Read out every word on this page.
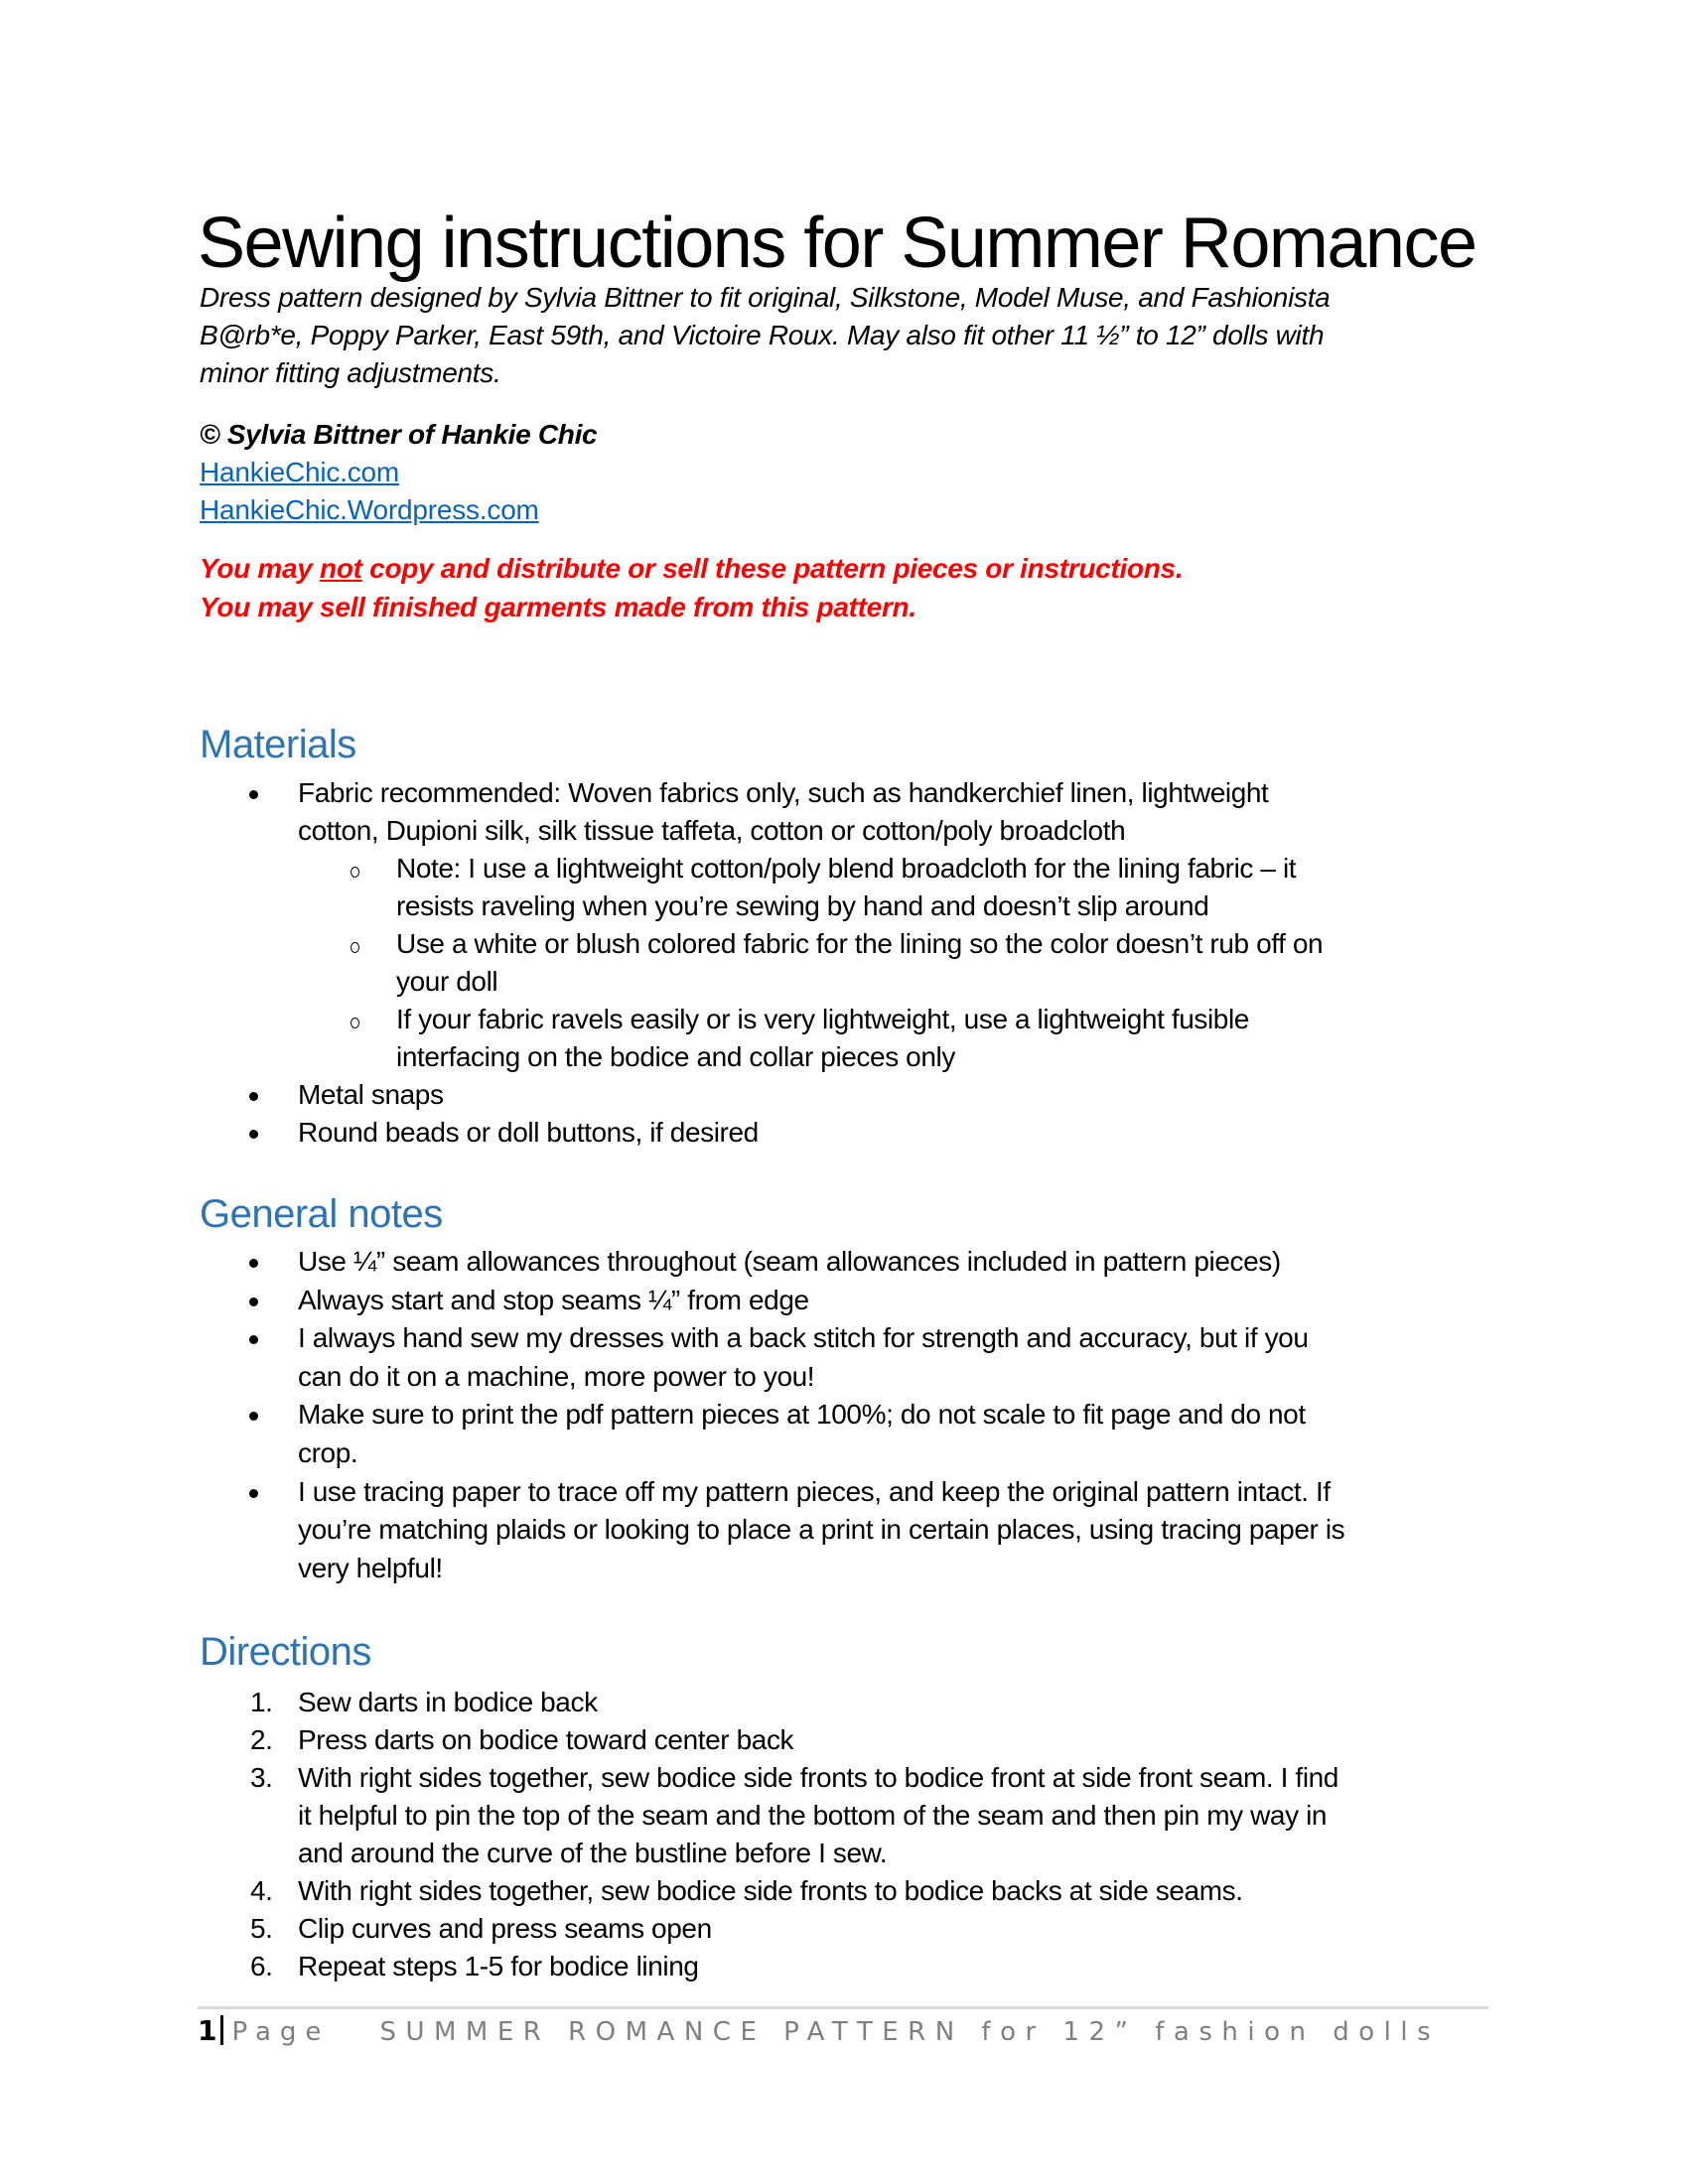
Sewing instructions for Summer Romance
Dress pattern designed by Sylvia Bittner to fit original, Silkstone, Model Muse, and Fashionista
B@rb*e, Poppy Parker, East 59th, and Victoire Roux. May also fit other 11 ½” to 12” dolls with
minor fitting adjustments.
© Sylvia Bittner of Hankie Chic
HankieChic.com
HankieChic.Wordpress.com
You may not copy and distribute or sell these pattern pieces or instructions.
You may sell finished garments made from this pattern.
Materials
Fabric recommended: Woven fabrics only, such as handkerchief linen, lightweight
cotton, Dupioni silk, silk tissue taffeta, cotton or cotton/poly broadcloth
Note: I use a lightweight cotton/poly blend broadcloth for the lining fabric – it
resists raveling when you’re sewing by hand and doesn’t slip around
Use a white or blush colored fabric for the lining so the color doesn’t rub off on
your doll
If your fabric ravels easily or is very lightweight, use a lightweight fusible
interfacing on the bodice and collar pieces only
Metal snaps
Round beads or doll buttons, if desired
General notes
Use ¼” seam allowances throughout (seam allowances included in pattern pieces)
Always start and stop seams ¼” from edge
I always hand sew my dresses with a back stitch for strength and accuracy, but if you
can do it on a machine, more power to you!
Make sure to print the pdf pattern pieces at 100%; do not scale to fit page and do not
crop.
I use tracing paper to trace off my pattern pieces, and keep the original pattern intact. If
you’re matching plaids or looking to place a print in certain places, using tracing paper is
very helpful!
Directions
1. Sew darts in bodice back
2. Press darts on bodice toward center back
3. With right sides together, sew bodice side fronts to bodice front at side front seam. I find
it helpful to pin the top of the seam and the bottom of the seam and then pin my way in
and around the curve of the bustline before I sew.
4. With right sides together, sew bodice side fronts to bodice backs at side seams.
5. Clip curves and press seams open
6. Repeat steps 1-5 for bodice lining
1 Page SUMMER ROMANCE PATTERN for 12” fashion dolls
